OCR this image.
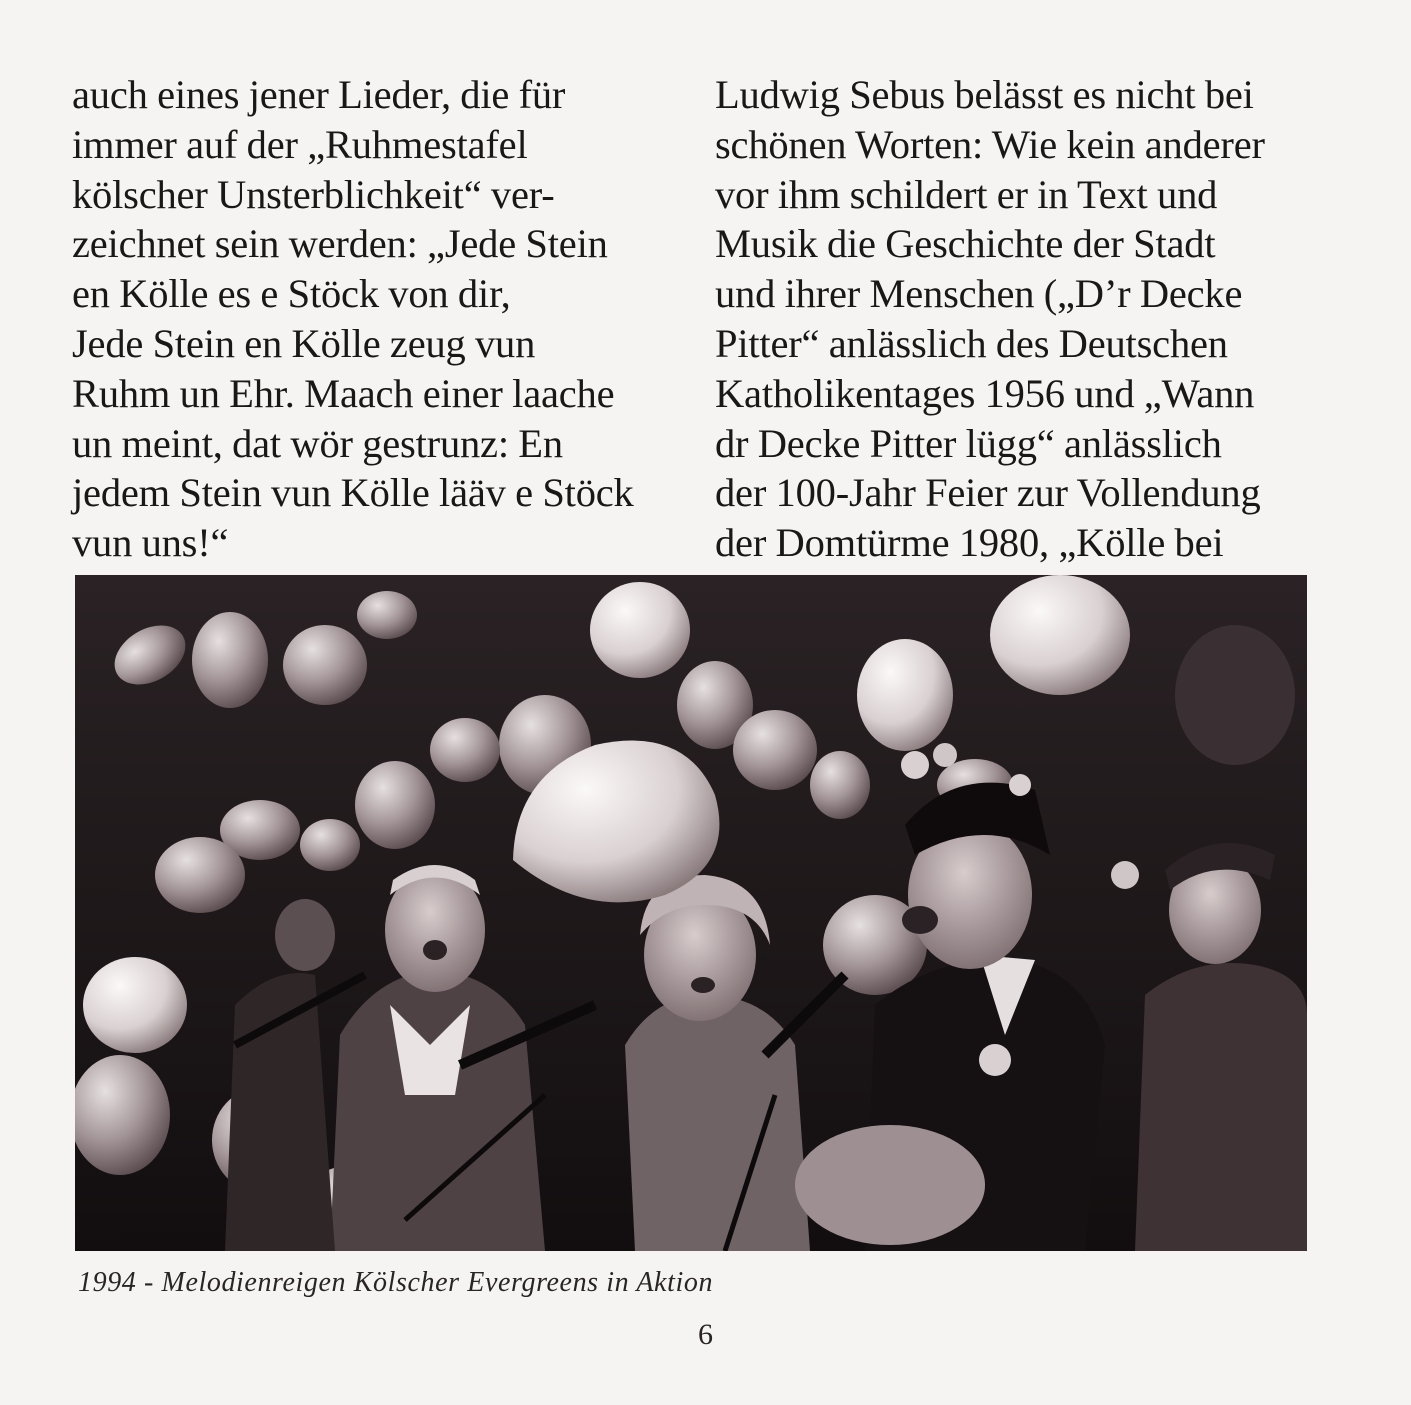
auch eines jener Lieder, die für
immer auf der „Ruhmestafel
kölscher Unsterblichkeit“ ver-
zeichnet sein werden: „Jede Stein
en Kölle es e Stöck von dir,
Jede Stein en Kölle zeug vun
Ruhm un Ehr. Maach einer laache
un meint, dat wör gestrunz: En
jedem Stein vun Kölle lääv e Stöck
vun uns!“
Ludwig Sebus belässt es nicht bei
schönen Worten: Wie kein anderer
vor ihm schildert er in Text und
Musik die Geschichte der Stadt
und ihrer Menschen („D’r Decke
Pitter“ anlässlich des Deutschen
Katholikentages 1956 und „Wann
dr Decke Pitter lügg“ anlässlich
der 100-Jahr Feier zur Vollendung
der Domtürme 1980, „Kölle bei
1994 - Melodienreigen Kölscher Evergreens in Aktion
6
